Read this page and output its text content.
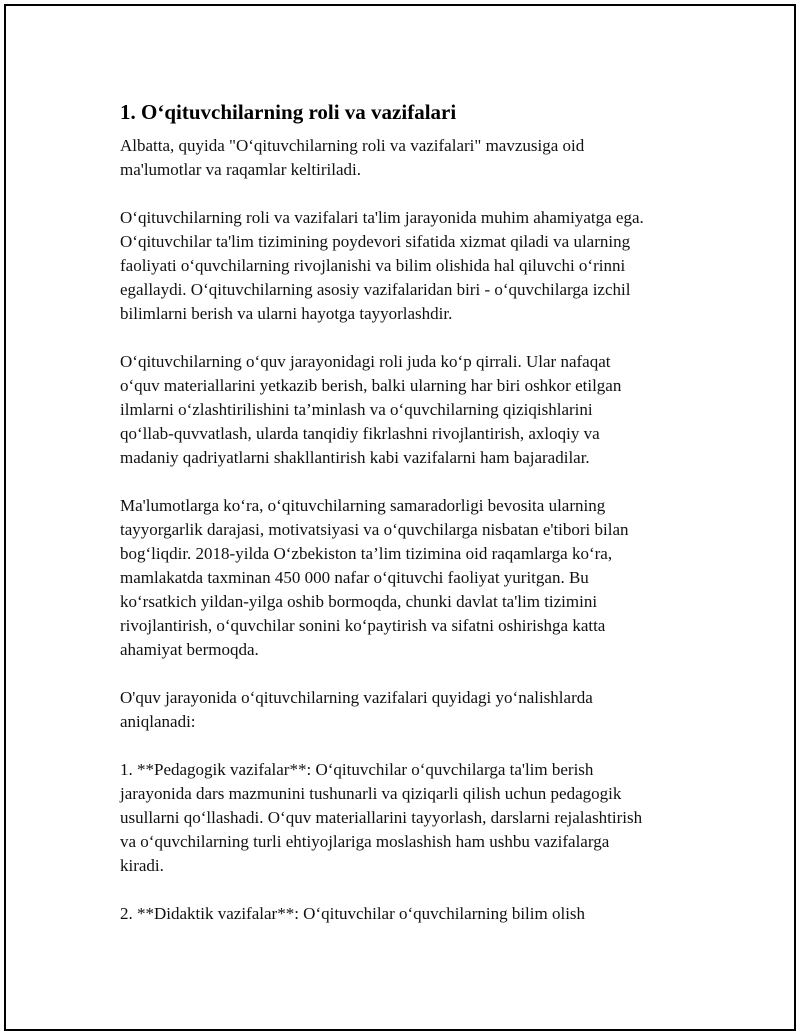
1. O‘qituvchilarning roli va vazifalari

Albatta, quyida "O‘qituvchilarning roli va vazifalari" mavzusiga oid
ma'lumotlar va raqamlar keltiriladi.

O‘qituvchilarning roli va vazifalari ta'lim jarayonida muhim ahamiyatga ega.
O‘qituvchilar ta'lim tizimining poydevori sifatida xizmat qiladi va ularning
faoliyati o‘quvchilarning rivojlanishi va bilim olishida hal qiluvchi o‘rinni
egallaydi. O‘qituvchilarning asosiy vazifalaridan biri - o‘quvchilarga izchil
bilimlarni berish va ularni hayotga tayyorlashdir.

O‘qituvchilarning o‘quv jarayonidagi roli juda ko‘p qirrali. Ular nafaqat
o‘quv materiallarini yetkazib berish, balki ularning har biri oshkor etilgan
ilmlarni o‘zlashtirilishini ta’minlash va o‘quvchilarning qiziqishlarini
qo‘llab-quvvatlash, ularda tanqidiy fikrlashni rivojlantirish, axloqiy va
madaniy qadriyatlarni shakllantirish kabi vazifalarni ham bajaradilar.

Ma'lumotlarga ko‘ra, o‘qituvchilarning samaradorligi bevosita ularning
tayyorgarlik darajasi, motivatsiyasi va o‘quvchilarga nisbatan e'tibori bilan
bog‘liqdir. 2018-yilda O‘zbekiston ta’lim tizimina oid raqamlarga ko‘ra,
mamlakatda taxminan 450 000 nafar o‘qituvchi faoliyat yuritgan. Bu
ko‘rsatkich yildan-yilga oshib bormoqda, chunki davlat ta'lim tizimini
rivojlantirish, o‘quvchilar sonini ko‘paytirish va sifatni oshirishga katta
ahamiyat bermoqda.

O'quv jarayonida o‘qituvchilarning vazifalari quyidagi yo‘nalishlarda
aniqlanadi:

1. **Pedagogik vazifalar**: O‘qituvchilar o‘quvchilarga ta'lim berish
jarayonida dars mazmunini tushunarli va qiziqarli qilish uchun pedagogik
usullarni qo‘llashadi. O‘quv materiallarini tayyorlash, darslarni rejalashtirish
va o‘quvchilarning turli ehtiyojlariga moslashish ham ushbu vazifalarga
kiradi.

2. **Didaktik vazifalar**: O‘qituvchilar o‘quvchilarning bilim olish
